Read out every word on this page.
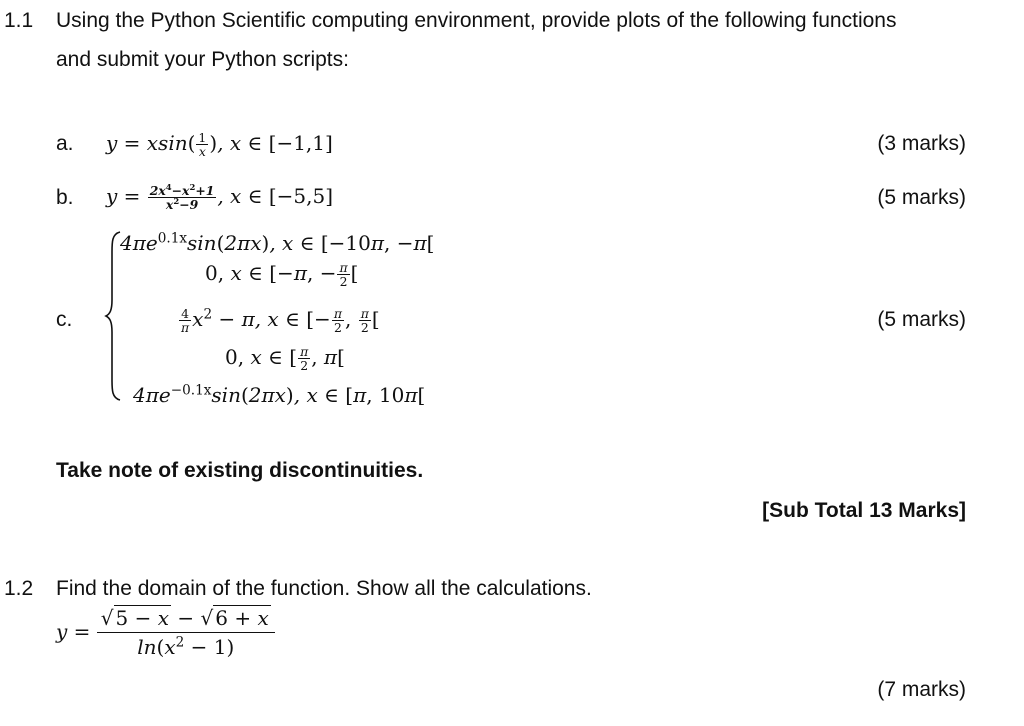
1.1 Using the Python Scientific computing environment, provide plots of the following functions
and submit your Python scripts:
a. $y = xsin( \frac{1}{x}$ ), x ∈ [−1,1]	(3 marks)
b. $y = \frac{2x^4-x^2+1}{x^2-9}$ , x ∈ [−5,5]	(5 marks)
c.
$4\pi e^{0.1x}\sin(2\pi x)$, x ∈ [−10π, −π[
0, x ∈ [−π, − $\frac{\pi}{2}$ [
$\frac{4}{\pi} x^2 - \pi$, x ∈ [− $\frac{\pi}{2}$ , $\frac{\pi}{2}$ [
0, x ∈ [ $\frac{\pi}{2}$ , π[
$4\pi e^{-0.1x}\sin(2\pi x)$, x ∈ [π, 10π[
(5 marks)
Take note of existing discontinuities.
[Sub Total 13 Marks]
1.2 Find the domain of the function. Show all the calculations.
$y = \frac{√ 5 - x - √ 6 + x}{\ln(x^2 - 1)}$
(7 marks)
